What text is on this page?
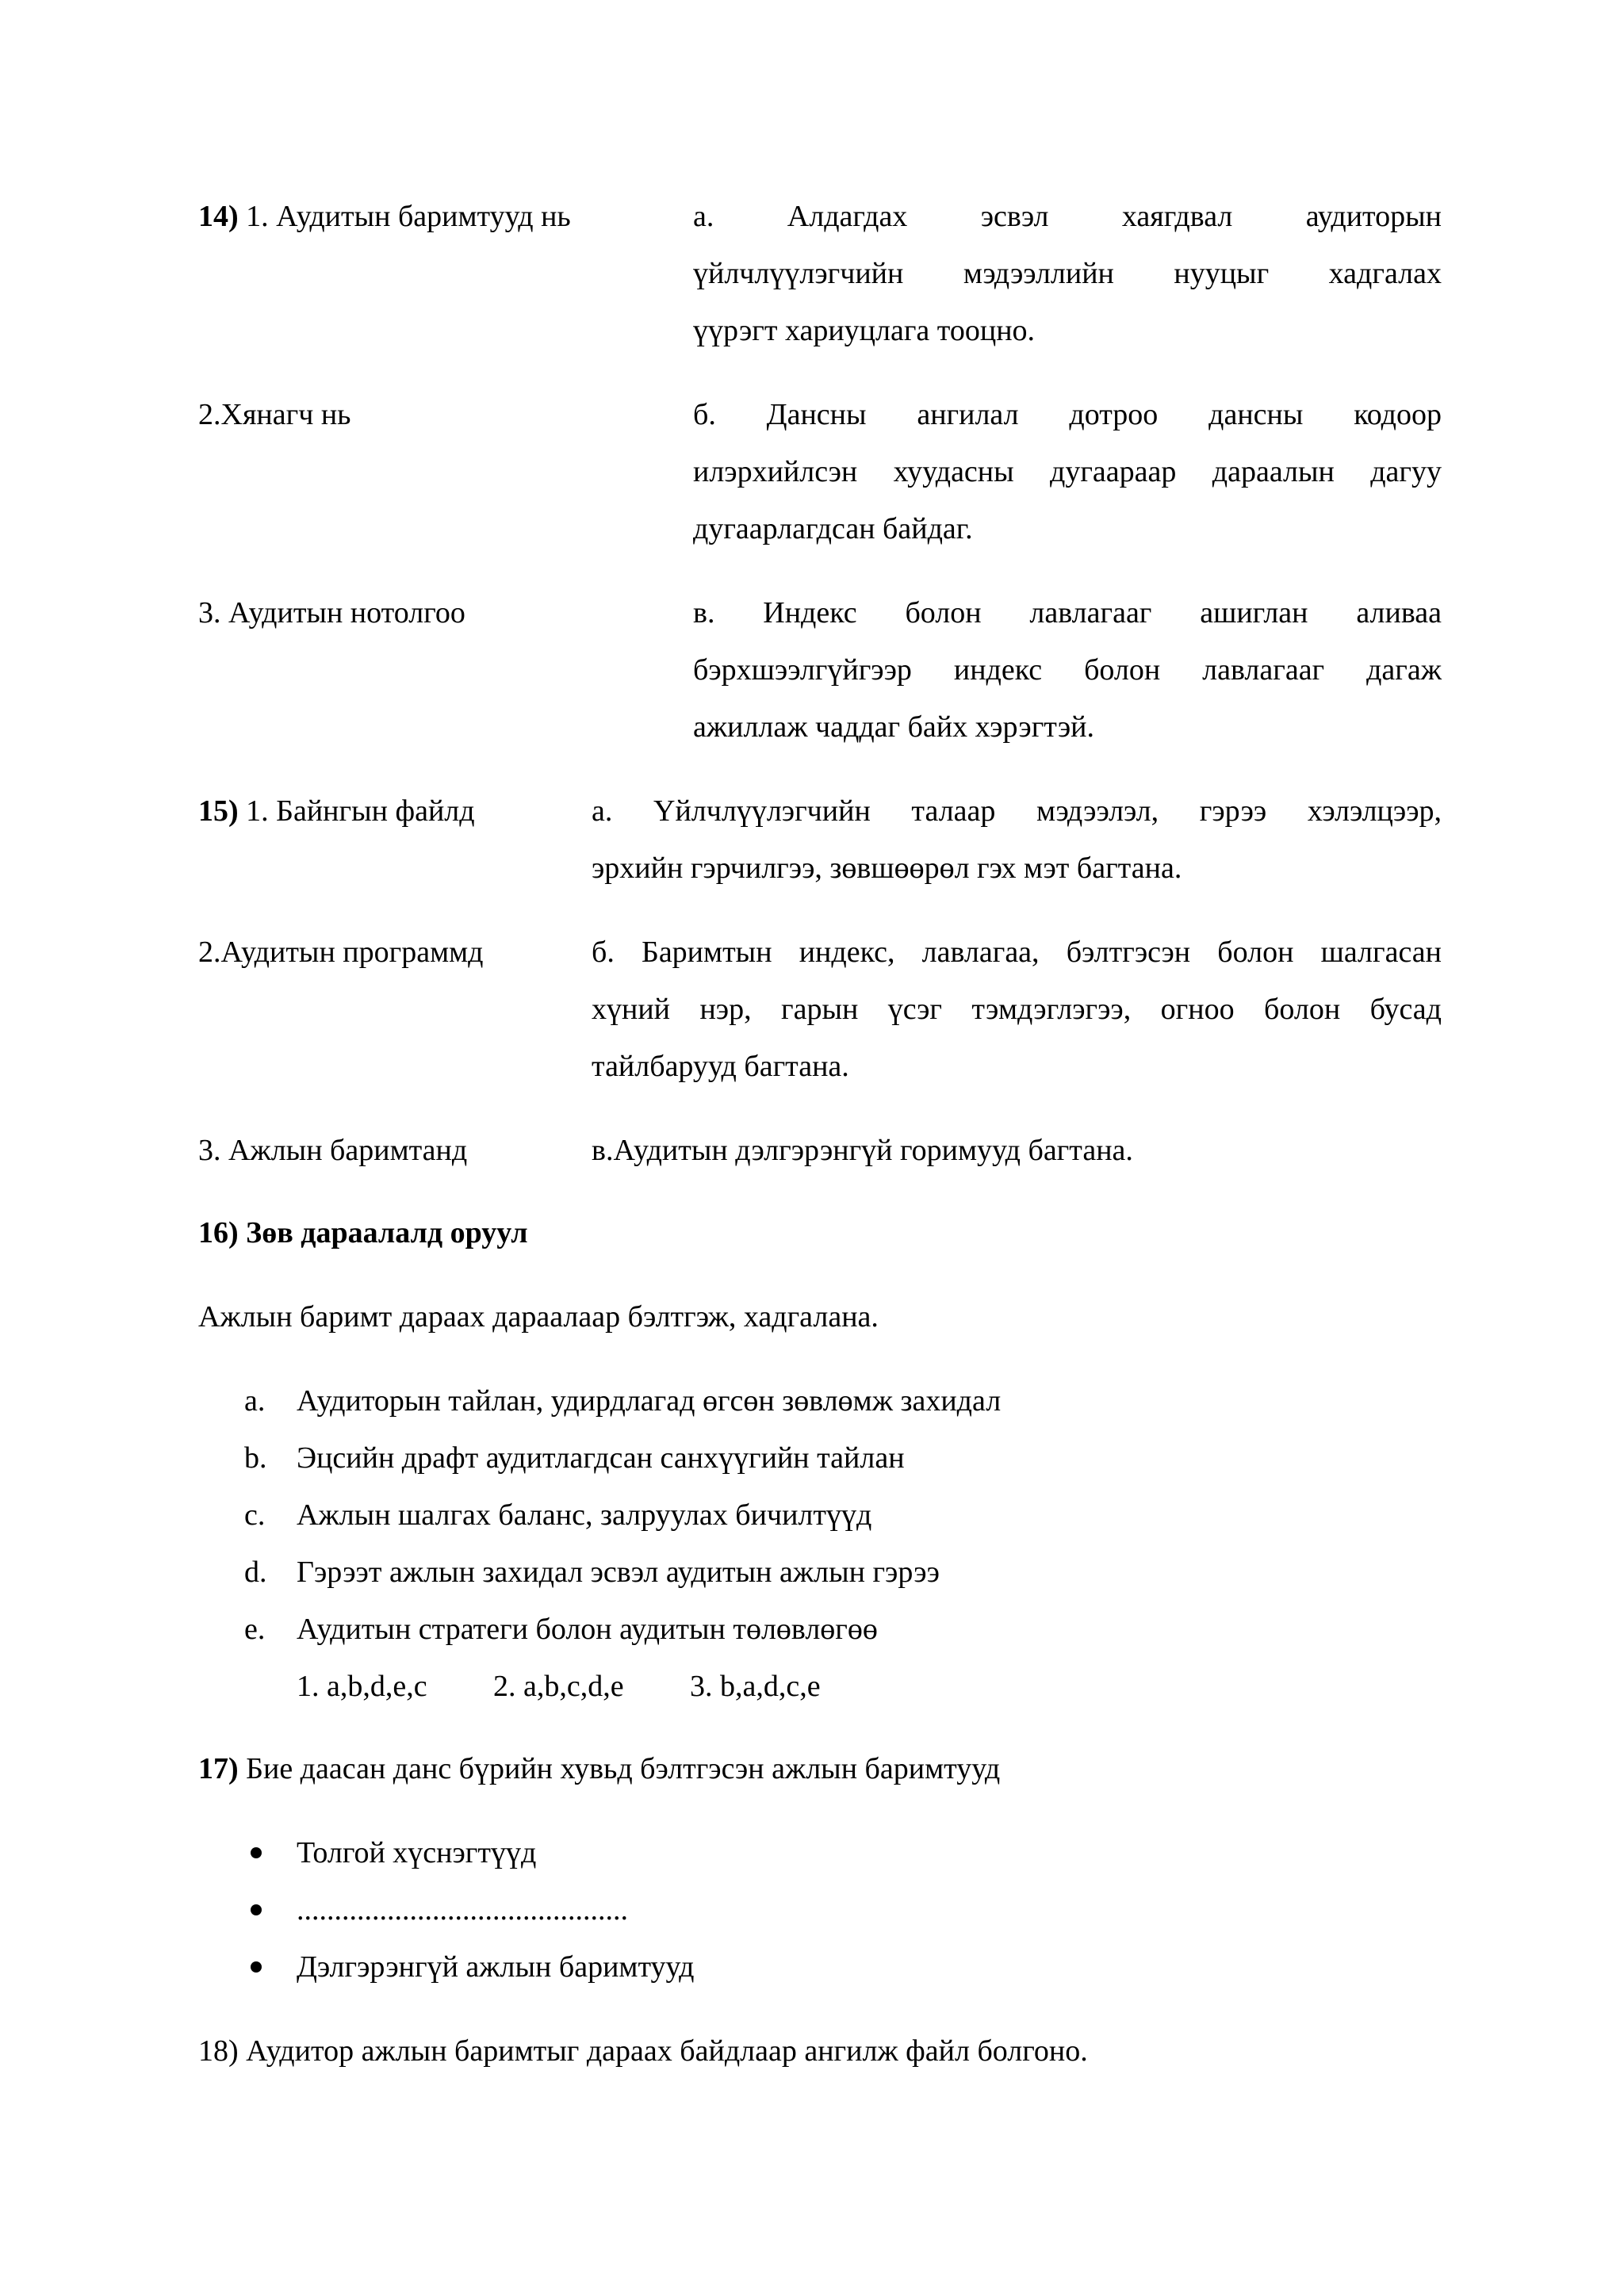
14) 1. Аудитын баримтууд нь	а. Алдагдах эсвэл хаягдвал аудиторын
үйлчлүүлэгчийн мэдээллийн нууцыг хадгалах
үүрэгт хариуцлага тооцно.
2.Хянагч нь	б. Дансны ангилал дотроо дансны кодоор
илэрхийлсэн хуудасны дугаараар дараалын дагуу
дугаарлагдсан байдаг.
3. Аудитын нотолгоо	в. Индекс болон лавлагааг ашиглан аливаа
бэрхшээлгүйгээр индекс болон лавлагааг дагаж
ажиллаж чаддаг байх хэрэгтэй.
15) 1. Байнгын файлд	а. Үйлчлүүлэгчийн талаар мэдээлэл, гэрээ хэлэлцээр,
эрхийн гэрчилгээ, зөвшөөрөл гэх мэт багтана.
2.Аудитын программд	б. Баримтын индекс, лавлагаа, бэлтгэсэн болон шалгасан
хүний нэр, гарын үсэг тэмдэглэгээ, огноо болон бусад
тайлбарууд багтана.
3. Ажлын баримтанд	в.Аудитын дэлгэрэнгүй горимууд багтана.
16) Зөв дараалалд оруул
Ажлын баримт дараах дараалаар бэлтгэж, хадгалана.
a. Аудиторын тайлан, удирдлагад өгсөн зөвлөмж захидал
b. Эцсийн драфт аудитлагдсан санхүүгийн тайлан
c. Ажлын шалгах баланс, залруулах бичилтүүд
d. Гэрээт ажлын захидал эсвэл аудитын ажлын гэрээ
e. Аудитын стратеги болон аудитын төлөвлөгөө
1. a,b,d,e,c 2. a,b,c,d,e 3. b,a,d,c,e
17) Бие даасан данс бүрийн хувьд бэлтгэсэн ажлын баримтууд
Толгой хүснэгтүүд
............................................
Дэлгэрэнгүй ажлын баримтууд
18) Аудитор ажлын баримтыг дараах байдлаар ангилж файл болгоно.
